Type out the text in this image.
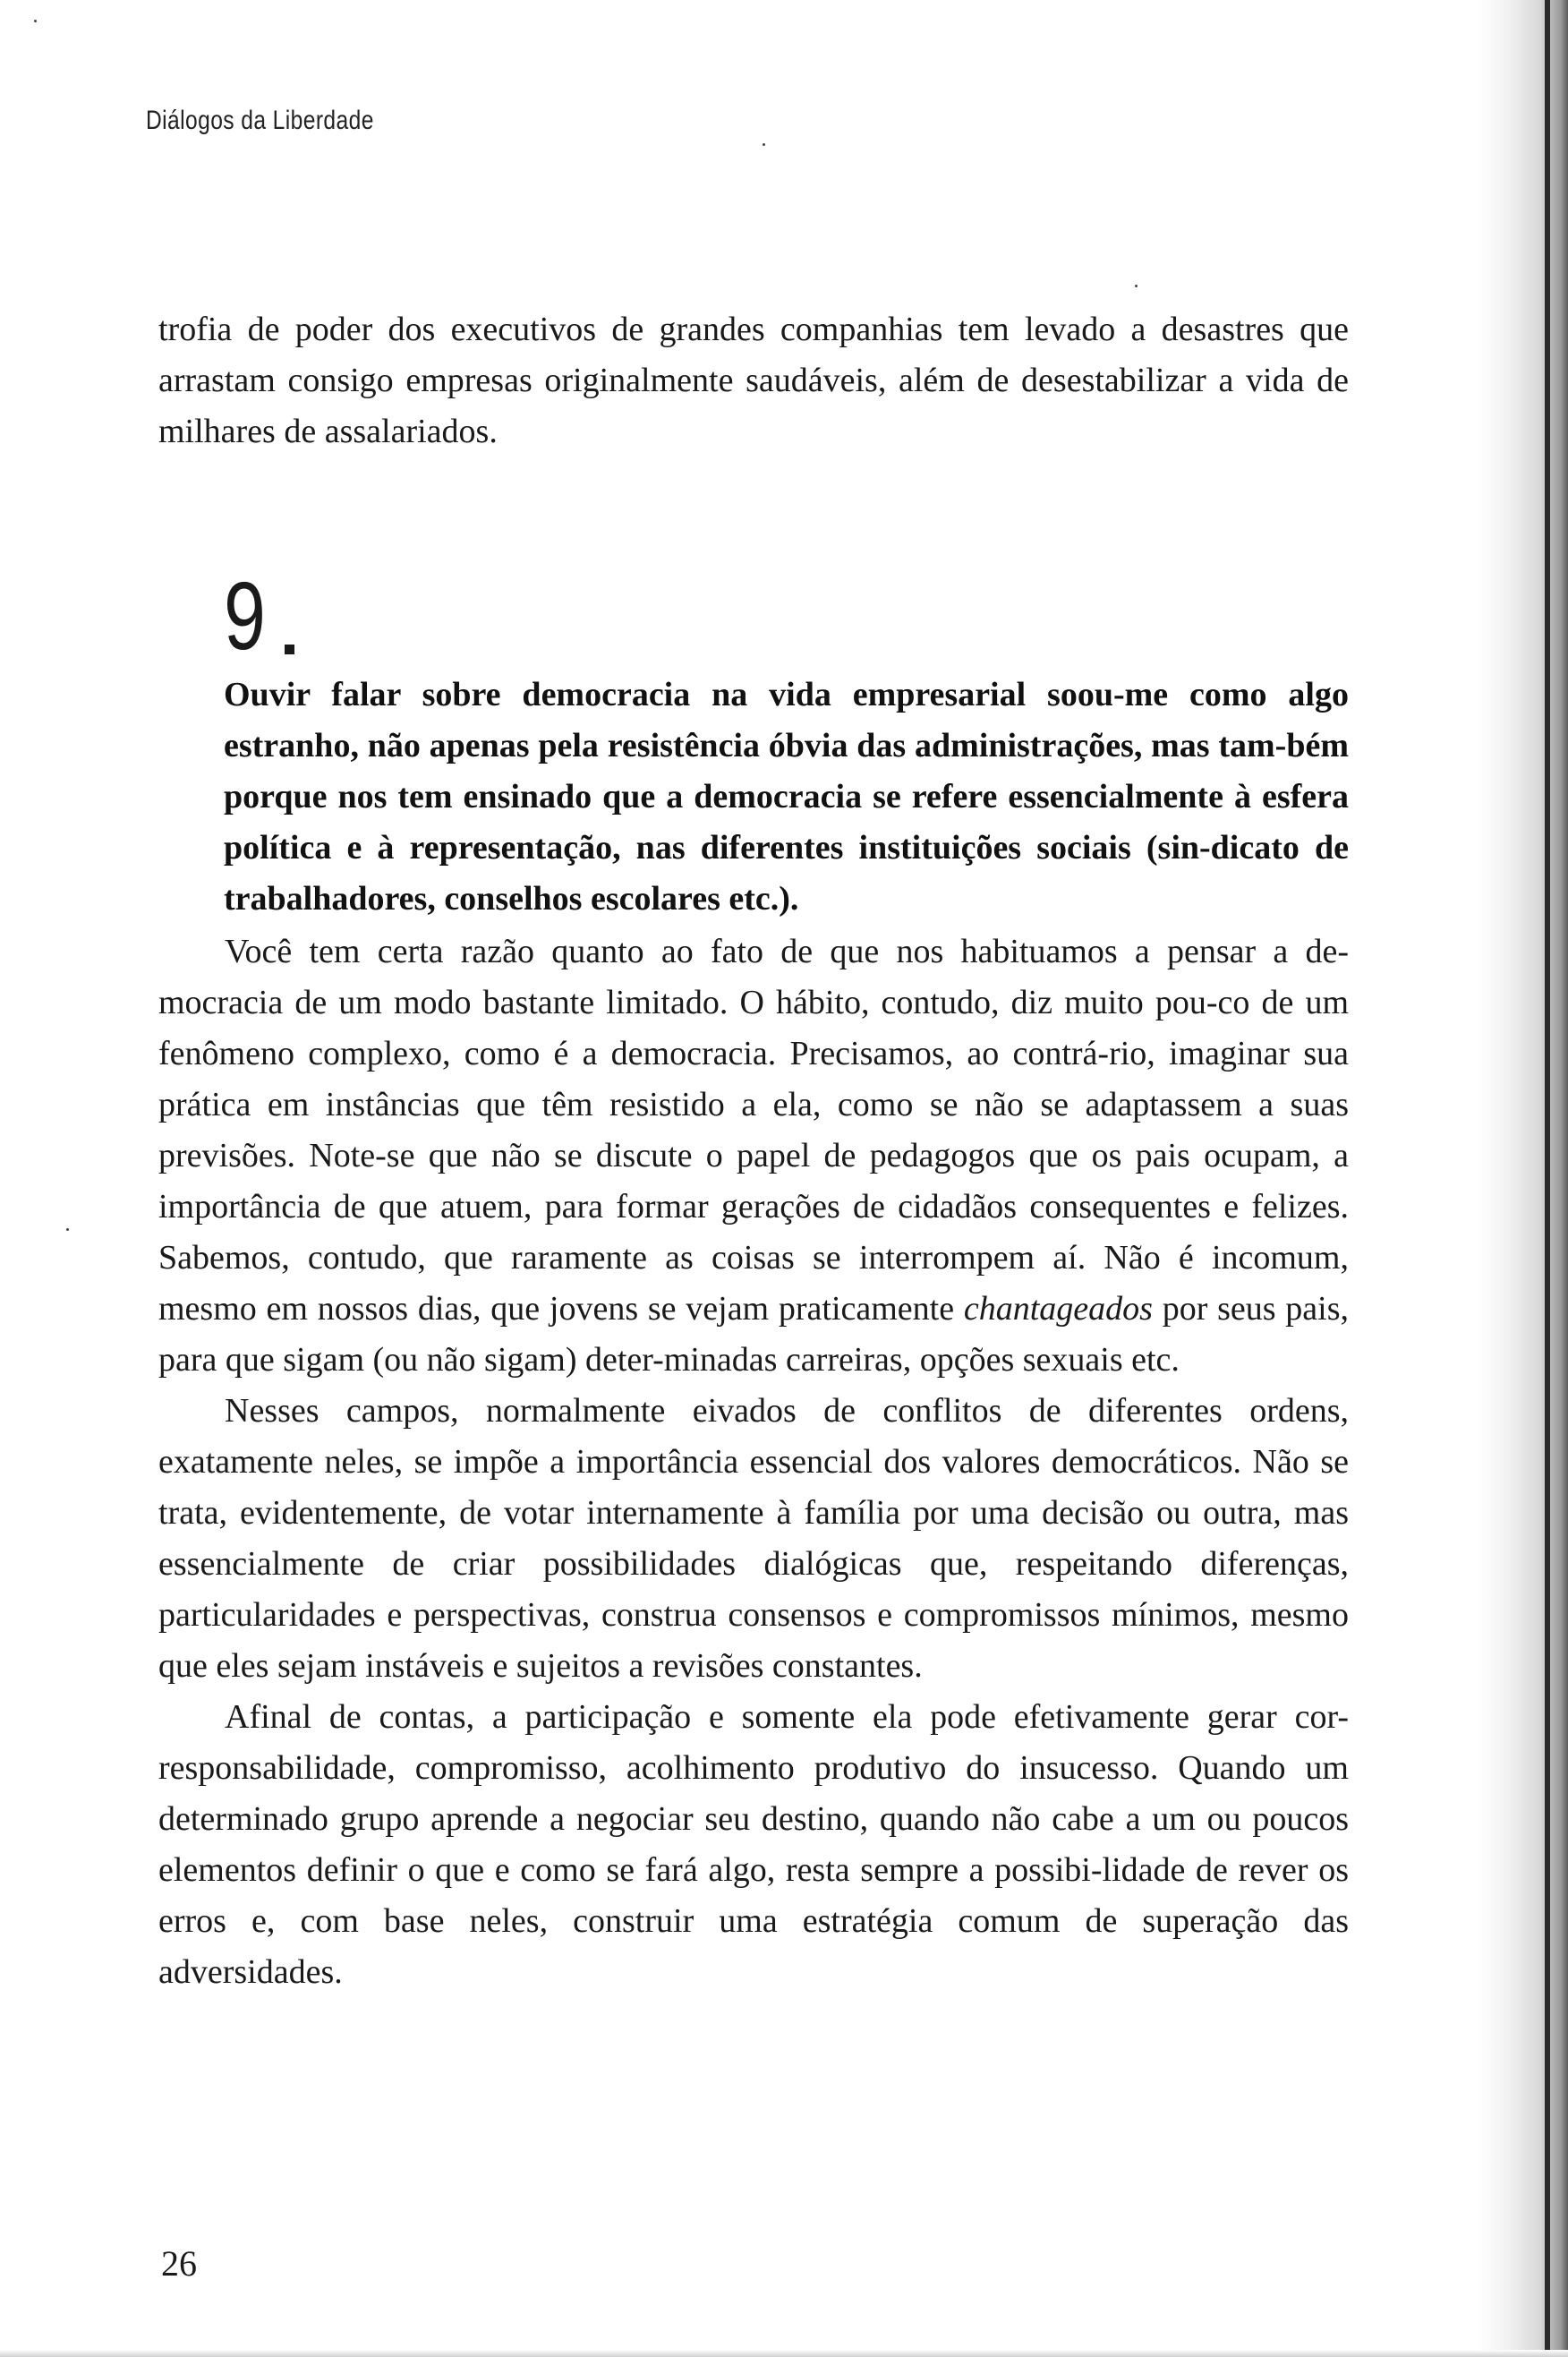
Diálogos da Liberdade

trofia de poder dos executivos de grandes companhias tem levado a desastres que arrastam consigo empresas originalmente saudáveis, além de desestabilizar a vida de milhares de assalariados.

9

Ouvir falar sobre democracia na vida empresarial soou-me como algo estranho, não apenas pela resistência óbvia das administrações, mas tam-bém porque nos tem ensinado que a democracia se refere essencialmente à esfera política e à representação, nas diferentes instituições sociais (sin-dicato de trabalhadores, conselhos escolares etc.).

Você tem certa razão quanto ao fato de que nos habituamos a pensar a de-mocracia de um modo bastante limitado. O hábito, contudo, diz muito pou-co de um fenômeno complexo, como é a democracia. Precisamos, ao contrá-rio, imaginar sua prática em instâncias que têm resistido a ela, como se não se adaptassem a suas previsões. Note-se que não se discute o papel de pedagogos que os pais ocupam, a importância de que atuem, para formar gerações de cidadãos consequentes e felizes. Sabemos, contudo, que raramente as coisas se interrompem aí. Não é incomum, mesmo em nossos dias, que jovens se vejam praticamente chantageados por seus pais, para que sigam (ou não sigam) deter-minadas carreiras, opções sexuais etc.

Nesses campos, normalmente eivados de conflitos de diferentes ordens, exatamente neles, se impõe a importância essencial dos valores democráticos. Não se trata, evidentemente, de votar internamente à família por uma decisão ou outra, mas essencialmente de criar possibilidades dialógicas que, respeitando diferenças, particularidades e perspectivas, construa consensos e compromissos mínimos, mesmo que eles sejam instáveis e sujeitos a revisões constantes.

Afinal de contas, a participação e somente ela pode efetivamente gerar cor-responsabilidade, compromisso, acolhimento produtivo do insucesso. Quando um determinado grupo aprende a negociar seu destino, quando não cabe a um ou poucos elementos definir o que e como se fará algo, resta sempre a possibi-lidade de rever os erros e, com base neles, construir uma estratégia comum de superação das adversidades.

26
